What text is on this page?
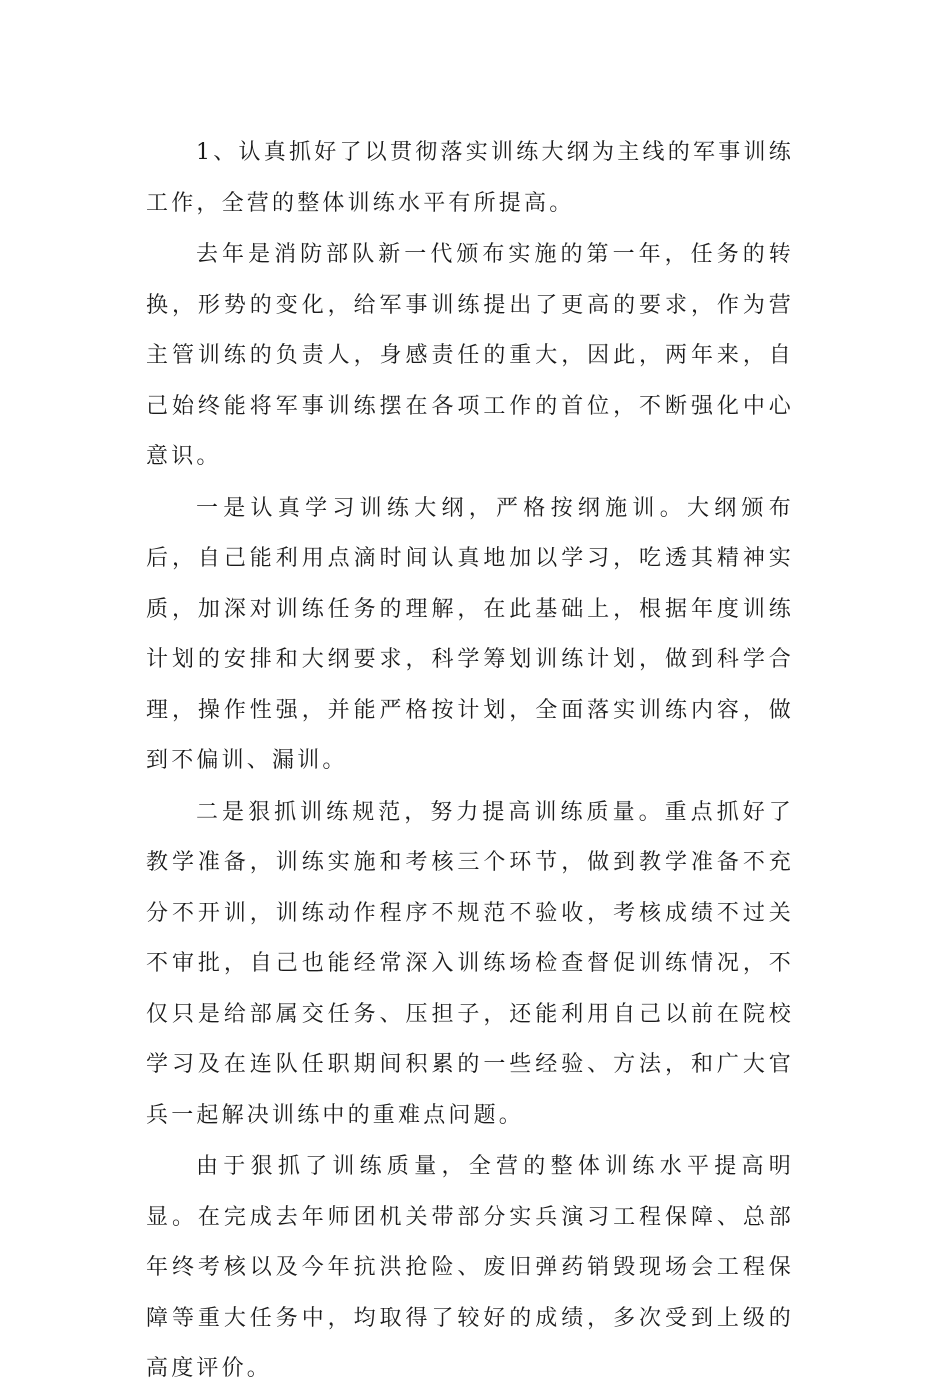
1、认真抓好了以贯彻落实训练大纲为主线的军事训练工作，全营的整体训练水平有所提高。

去年是消防部队新一代颁布实施的第一年，任务的转换，形势的变化，给军事训练提出了更高的要求，作为营主管训练的负责人，身感责任的重大，因此，两年来，自己始终能将军事训练摆在各项工作的首位，不断强化中心意识。

一是认真学习训练大纲，严格按纲施训。大纲颁布后，自己能利用点滴时间认真地加以学习，吃透其精神实质，加深对训练任务的理解，在此基础上，根据年度训练计划的安排和大纲要求，科学筹划训练计划，做到科学合理，操作性强，并能严格按计划，全面落实训练内容，做到不偏训、漏训。

二是狠抓训练规范，努力提高训练质量。重点抓好了教学准备，训练实施和考核三个环节，做到教学准备不充分不开训，训练动作程序不规范不验收，考核成绩不过关不审批，自己也能经常深入训练场检查督促训练情况，不仅只是给部属交任务、压担子，还能利用自己以前在院校学习及在连队任职期间积累的一些经验、方法，和广大官兵一起解决训练中的重难点问题。

由于狠抓了训练质量，全营的整体训练水平提高明显。在完成去年师团机关带部分实兵演习工程保障、总部年终考核以及今年抗洪抢险、废旧弹药销毁现场会工程保障等重大任务中，均取得了较好的成绩，多次受到上级的高度评价。
